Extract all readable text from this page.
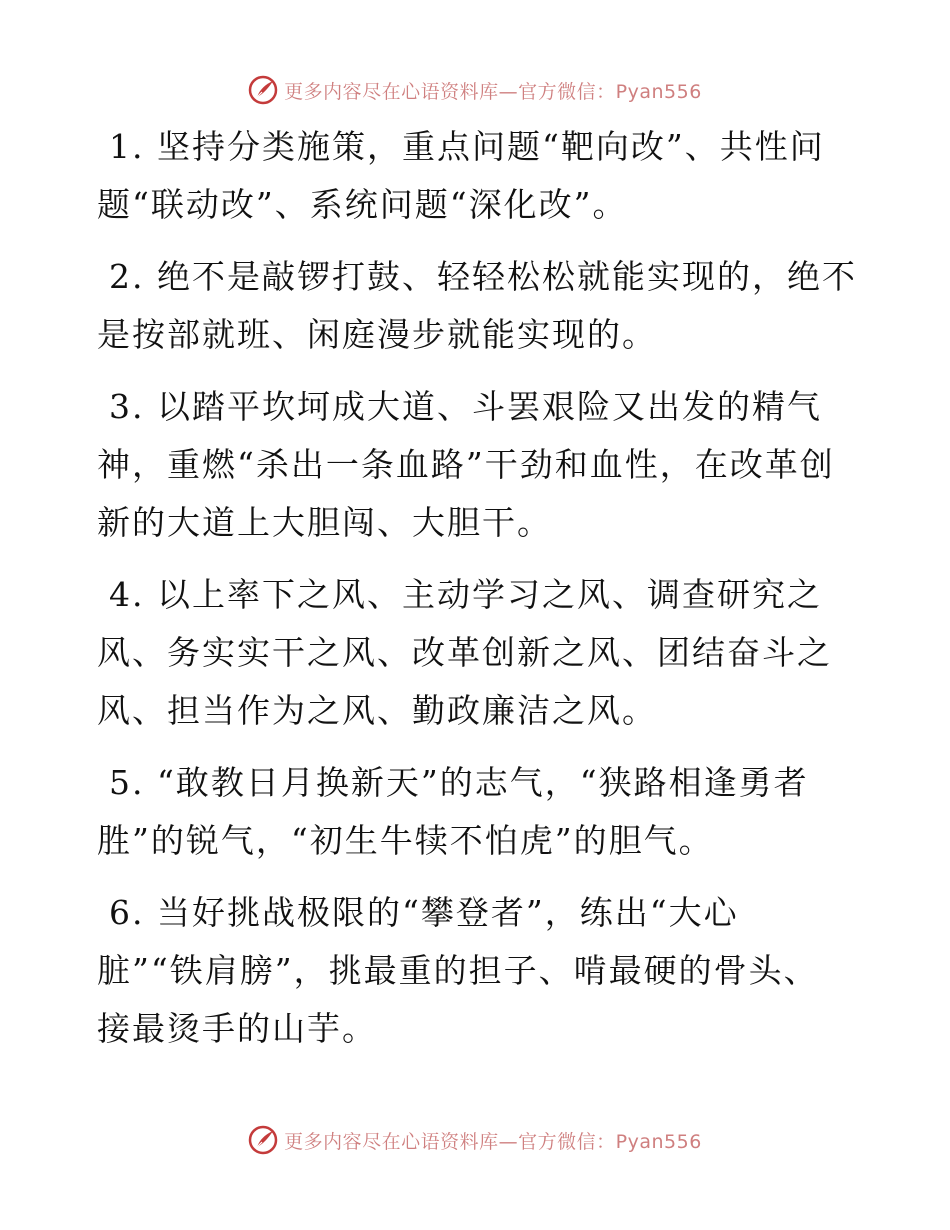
更多内容尽在心语资料库—官方微信：Pyan556

1. 坚持分类施策，重点问题“靶向改”、共性问
题“联动改”、系统问题“深化改”。

2. 绝不是敲锣打鼓、轻轻松松就能实现的，绝不
是按部就班、闲庭漫步就能实现的。

3. 以踏平坎坷成大道、斗罢艰险又出发的精气
神，重燃“杀出一条血路”干劲和血性，在改革创
新的大道上大胆闯、大胆干。

4. 以上率下之风、主动学习之风、调查研究之
风、务实实干之风、改革创新之风、团结奋斗之
风、担当作为之风、勤政廉洁之风。

5. “敢教日月换新天”的志气，“狭路相逢勇者
胜”的锐气，“初生牛犊不怕虎”的胆气。

6. 当好挑战极限的“攀登者”，练出“大心
脏”“铁肩膀”，挑最重的担子、啃最硬的骨头、
接最烫手的山芋。

更多内容尽在心语资料库—官方微信：Pyan556
